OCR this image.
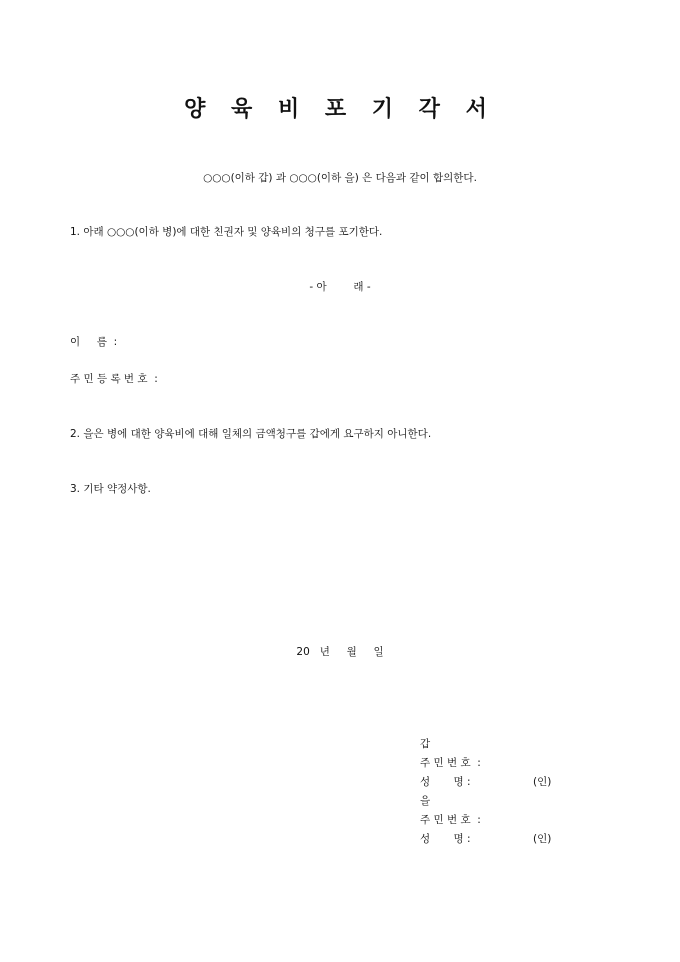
양 육 비 포 기 각 서
○○○(이하 갑) 과 ○○○(이하 을) 은 다음과 같이 합의한다.
1. 아래 ○○○(이하 병)에 대한 친권자 및 양육비의 청구를 포기한다.
- 아        래 -
이     름  :
주 민 등 록 번 호  :
2. 을은 병에 대한 양육비에 대해 일체의 금액청구를 갑에게 요구하지 아니한다.
3. 기타 약정사항.
20   년     월     일
갑
주 민 번 호  :
성       명 :	(인)
을
주 민 번 호  :
성       명 :	(인)
